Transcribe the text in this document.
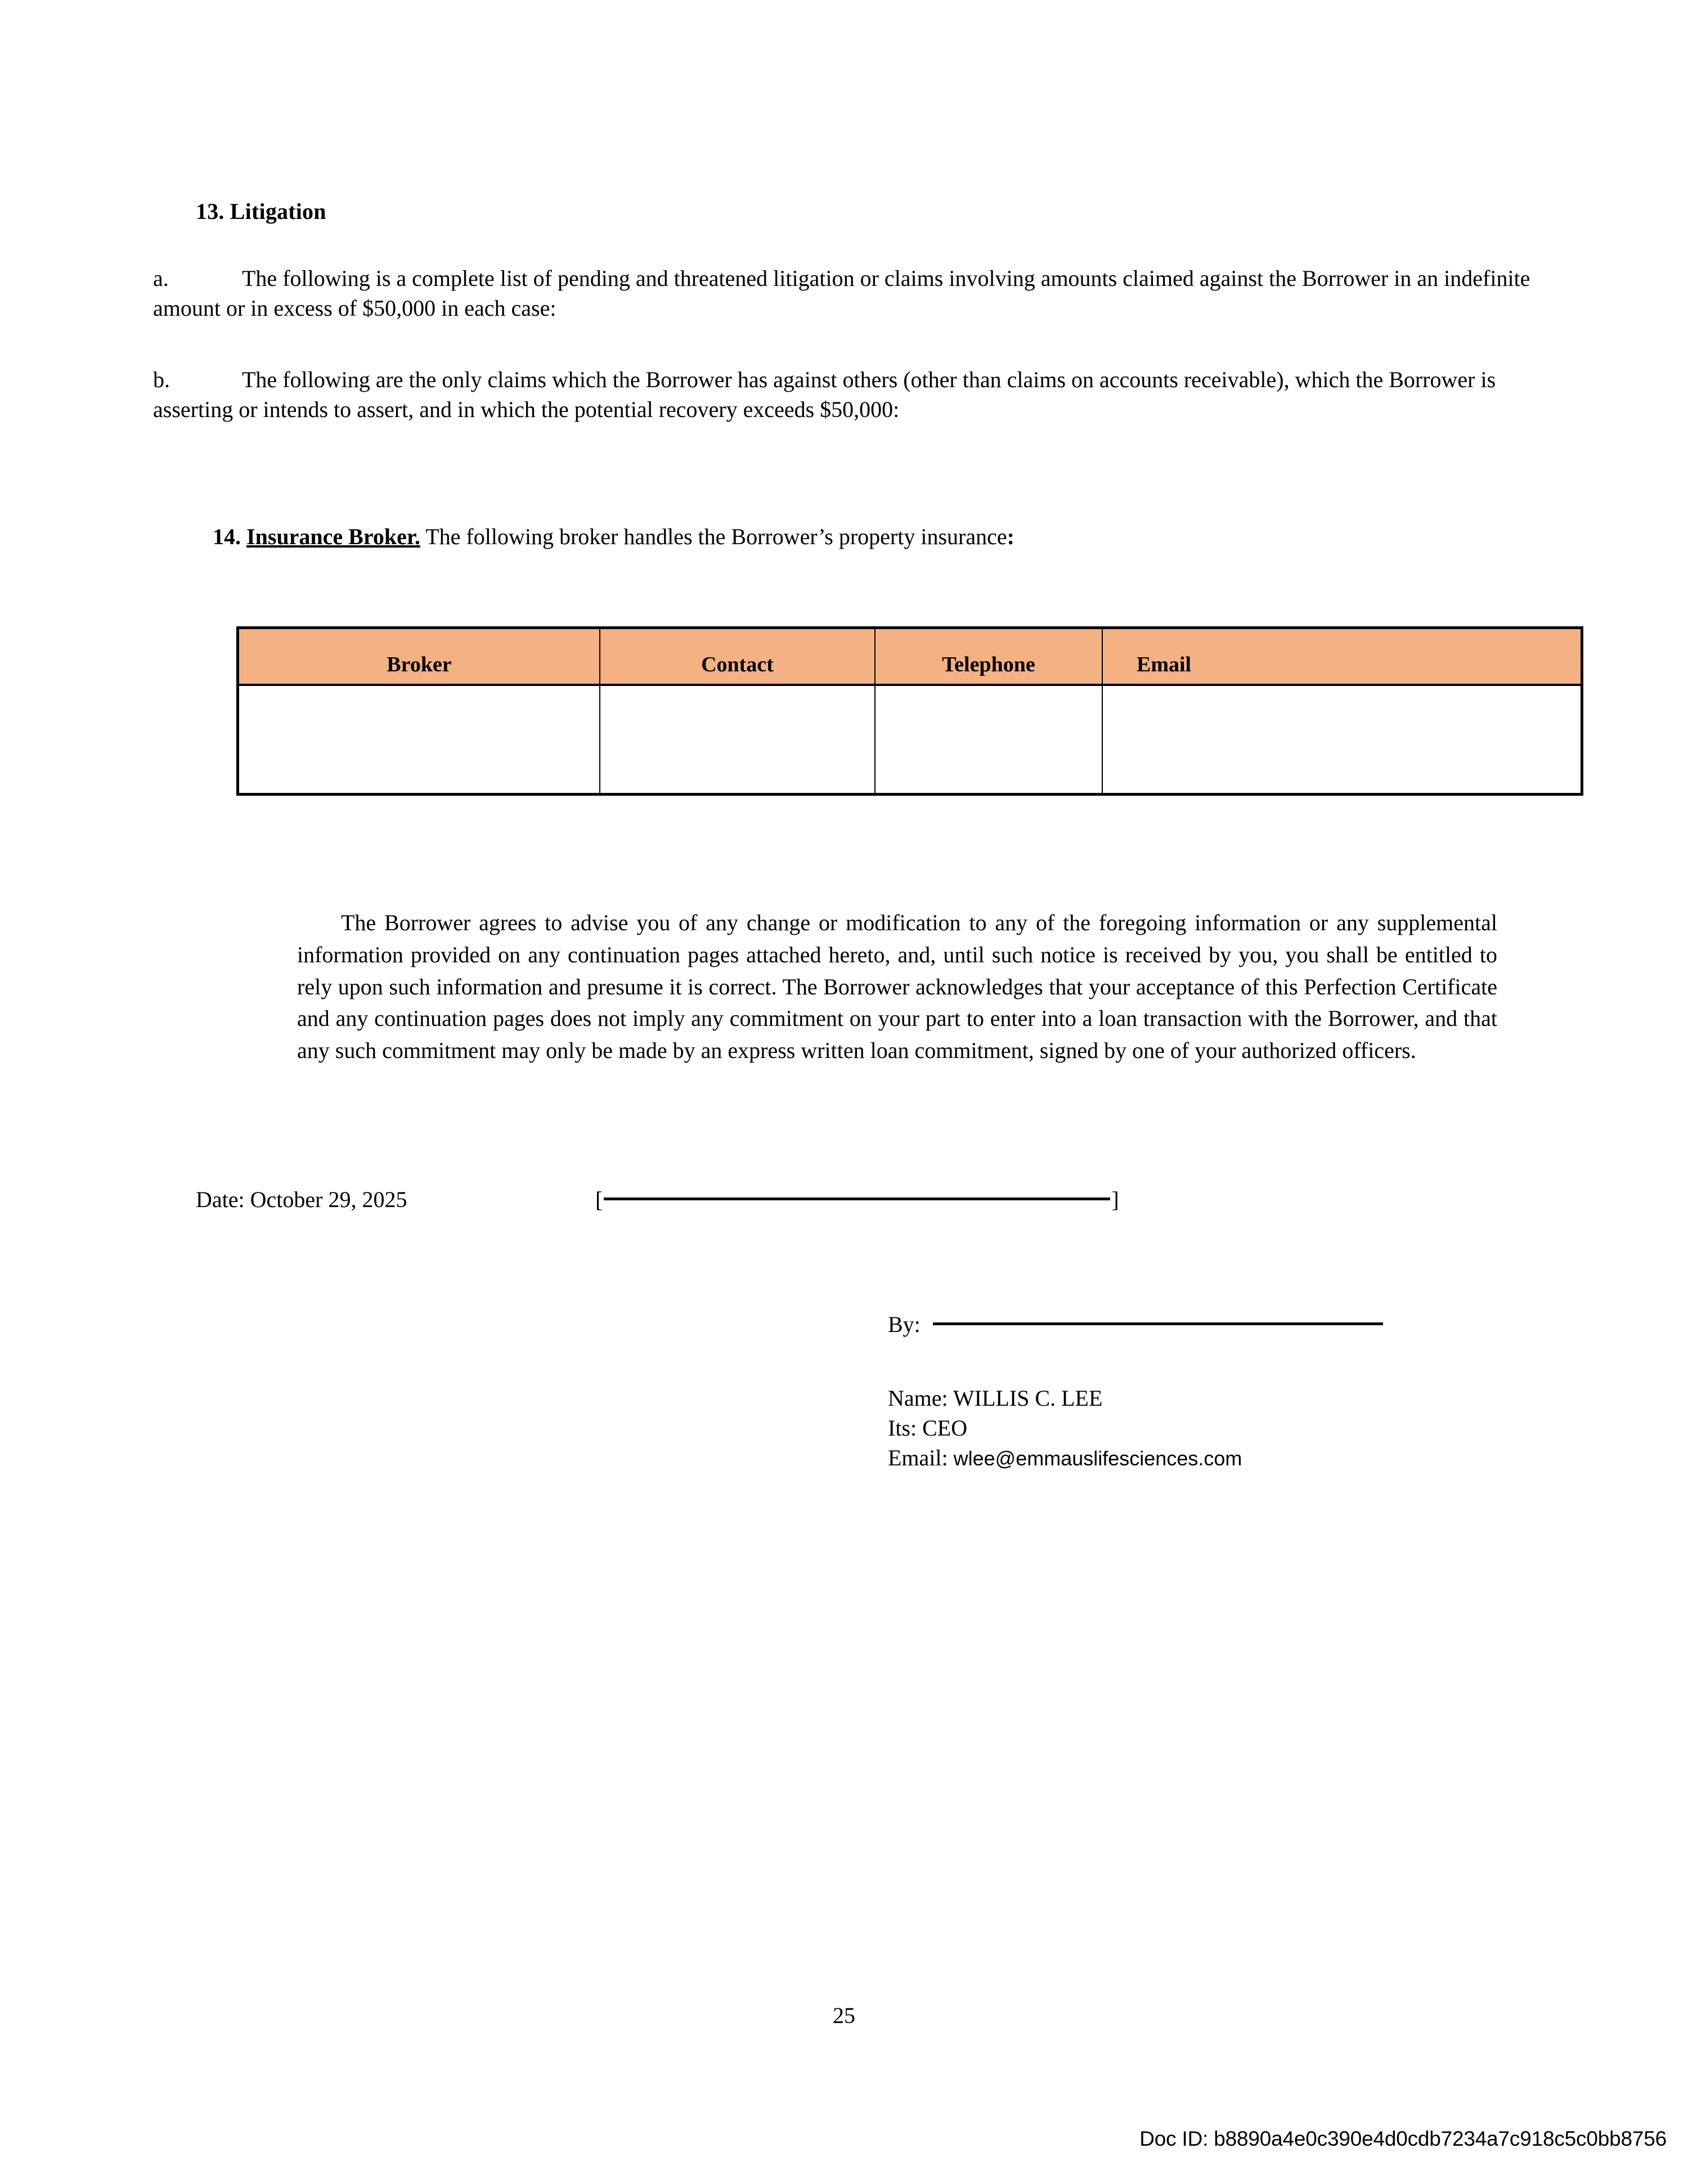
13. Litigation
a.	The following is a complete list of pending and threatened litigation or claims involving amounts claimed against the Borrower in an indefinite amount or in excess of $50,000 in each case:
b.	The following are the only claims which the Borrower has against others (other than claims on accounts receivable), which the Borrower is asserting or intends to assert, and in which the potential recovery exceeds $50,000:
14. Insurance Broker. The following broker handles the Borrower’s property insurance:
Broker	Contact	Telephone	Email

The Borrower agrees to advise you of any change or modification to any of the foregoing information or any supplemental information provided on any continuation pages attached hereto, and, until such notice is received by you, you shall be entitled to rely upon such information and presume it is correct. The Borrower acknowledges that your acceptance of this Perfection Certificate and any continuation pages does not imply any commitment on your part to enter into a loan transaction with the Borrower, and that any such commitment may only be made by an express written loan commitment, signed by one of your authorized officers.
Date: October 29, 2025	[	]
By:
Name: WILLIS C. LEE
Its: CEO
Email: wlee@emmauslifesciences.com
25
Doc ID: b8890a4e0c390e4d0cdb7234a7c918c5c0bb8756
